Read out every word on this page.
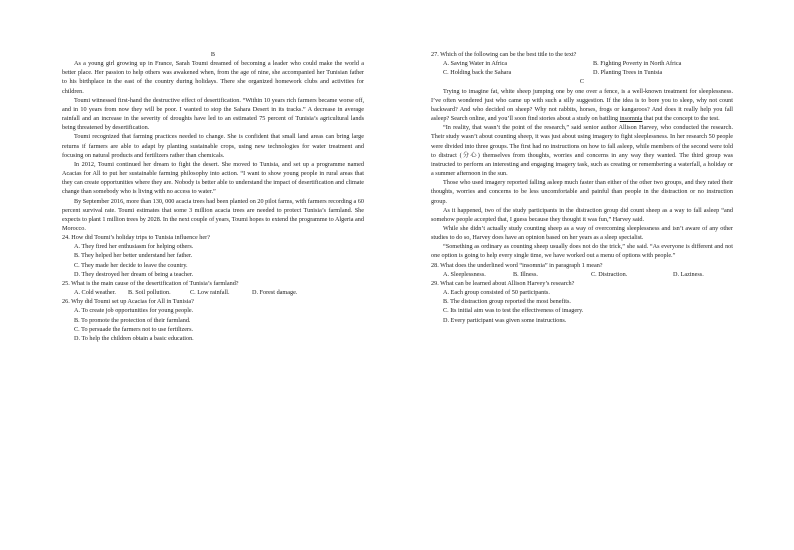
B

As a young girl growing up in France, Sarah Toumi dreamed of becoming a leader who could make the world a better place. Her passion to help others was awakened when, from the age of nine, she accompanied her Tunisian father to his birthplace in the east of the country during holidays. There she organized homework clubs and activities for children.

Toumi witnessed first-hand the destructive effect of desertification. “Within 10 years rich farmers became worse off, and in 10 years from now they will be poor. I wanted to stop the Sahara Desert in its tracks.” A decrease in average rainfall and an increase in the severity of droughts have led to an estimated 75 percent of Tunisia’s agricultural lands being threatened by desertification.

Toumi recognized that farming practices needed to change. She is confident that small land areas can bring large returns if farmers are able to adapt by planting sustainable crops, using new technologies for water treatment and focusing on natural products and fertilizers rather than chemicals.

In 2012, Toumi continued her dream to fight the desert. She moved to Tunisia, and set up a programme named Acacias for All to put her sustainable farming philosophy into action. “I want to show young people in rural areas that they can create opportunities where they are. Nobody is better able to understand the impact of desertification and climate change than somebody who is living with no access to water.”

By September 2016, more than 130, 000 acacia trees had been planted on 20 pilot farms, with farmers recording a 60 percent survival rate. Toumi estimates that some 3 million acacia trees are needed to protect Tunisia’s farmland. She expects to plant 1 million trees by 2028. In the next couple of years, Toumi hopes to extend the programme to Algeria and Morocco.

24. How did Toumi’s holiday trips to Tunisia influence her?

A. They fired her enthusiasm for helping others.

B. They helped her better understand her father.

C. They made her decide to leave the country.

D. They destroyed her dream of being a teacher.

25. What is the main cause of the desertification of Tunisia’s farmland?

A. Cold weather.	B. Soil pollution.	C. Low rainfall.	D. Forest damage.

26. Why did Toumi set up Acacias for All in Tunisia?

A. To create job opportunities for young people.

B. To promote the protection of their farmland.

C. To persuade the farmers not to use fertilizers.

D. To help the children obtain a basic education.

27. Which of the following can be the best title to the text?

A. Saving Water in Africa	B. Fighting Poverty in North Africa
C. Holding back the Sahara	D. Planting Trees in Tunisia

C

Trying to imagine fat, white sheep jumping one by one over a fence, is a well-known treatment for sleeplessness. I’ve often wondered just who came up with such a silly suggestion. If the idea is to bore you to sleep, why not count backward? And who decided on sheep? Why not rabbits, horses, frogs or kangaroos? And does it really help you fall asleep? Search online, and you’ll soon find stories about a study on battling insomnia that put the concept to the test.

“In reality, that wasn’t the point of the research,” said senior author Allison Harvey, who conducted the research. Their study wasn’t about counting sheep, it was just about using imagery to fight sleeplessness. In her research 50 people were divided into three groups. The first had no instructions on how to fall asleep, while members of the second were told to distract (分心) themselves from thoughts, worries and concerns in any way they wanted. The third group was instructed to perform an interesting and engaging imagery task, such as creating or remembering a waterfall, a holiday or a summer afternoon in the sun.

Those who used imagery reported falling asleep much faster than either of the other two groups, and they rated their thoughts, worries and concerns to be less uncomfortable and painful than people in the distraction or no instruction group.

As it happened, two of the study participants in the distraction group did count sheep as a way to fall asleep “and somehow people accepted that, I guess because they thought it was fun,” Harvey said.

While she didn’t actually study counting sheep as a way of overcoming sleeplessness and isn’t aware of any other studies to do so, Harvey does have an opinion based on her years as a sleep specialist.

“Something as ordinary as counting sheep usually does not do the trick,” she said. “As everyone is different and not one option is going to help every single time, we have worked out a menu of options with people.”

28. What does the underlined word “insomnia” in paragraph 1 mean?

A. Sleeplessness.	B. Illness.	C. Distraction.	D. Laziness.

29. What can be learned about Allison Harvey’s research?

A. Each group consisted of 50 participants.

B. The distraction group reported the most benefits.

C. Its initial aim was to test the effectiveness of imagery.

D. Every participant was given some instructions.
